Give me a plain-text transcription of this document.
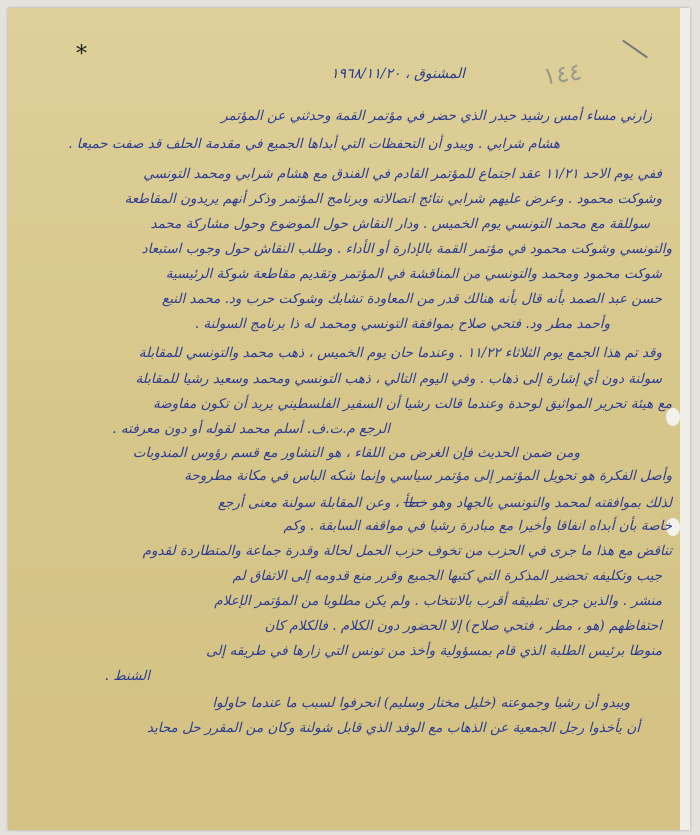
*
١٤٤
المشنوق ، ١٩٦٨/١١/٢٠
زارني مساء أمس رشيد حيدر الذي حضر في مؤتمر القمة وحدثني عن المؤتمر
هشام شرابي . ويبدو أن التحفظات التي أبداها الجميع في مقدمة الحلف قد صفت حميعا .
ففي يوم الاحد ١١/٢١ عقد اجتماع للمؤتمر القادم في الفندق مع هشام شرابي ومحمد التونسي
وشوكت محمود . وعرض عليهم شرابي نتائج اتصالاته وبرنامج المؤتمر وذكر أنهم يريدون المقاطعة
سوللقة مع محمد التونسي يوم الخميس . ودار النقاش حول الموضوع وحول مشاركة محمد
والتونسي وشوكت محمود في مؤتمر القمة بالإدارة أو الأداء . وطلب النقاش حول وجوب استبعاد
شوكت محمود ومحمد والتونسي من المناقشة في المؤتمر وتقديم مقاطعة شوكة الرئيسية
حسن عبد الصمد بأنه قال بأنه هنالك قدر من المعاودة تشابك وشوكت حرب ود. محمد النبع
وأحمد مطر ود. فتحي صلاح بموافقة التونسي ومحمد له ذا برنامج السولنة .
وقد تم هذا الجمع يوم الثلاثاء ١١/٢٢ . وعندما حان يوم الخميس ، ذهب محمد والتونسي للمقابلة
سولنة دون أي إشارة إلى ذهاب . وفي اليوم التالي ، ذهب التونسي ومحمد وسعيد رشيا للمقابلة
مع هيئة تحرير المواثيق لوحدة وعندما قالت رشيا أن السفير الفلسطيني يريد أن تكون مفاوضة
الرجع م.ت.ف. أسلم محمد لقوله أو دون معرفته .
ومن ضمن الحديث فإن الغرض من اللقاء ، هو التشاور مع قسم رؤوس المندوبات
وأصل الفكرة هو تحويل المؤتمر إلى مؤتمر سياسي وإنما شكه الباس في مكانة مطروحة
لذلك بموافقته لمحمد والتونسي بالجهاد وهو خطأ ، وعن المقابلة سولنة معنى أرجع
خاصة بأن أبداه انفاقا وأخيرا مع مبادرة رشيا في مواقفه السابقة . وكم
تناقض مع هذا ما جرى في الحزب من تخوف حزب الحمل لحالة وقدرة جماعة والمتطاردة لقدوم
جيب وتكليفه تحضير المذكرة التي كتبها الجميع وقرر منع قدومه إلى الاتفاق لم
منشر . والذين جرى تطبيقه أقرب بالانتخاب . ولم يكن مطلوبا من المؤتمر الإعلام
احتفاظهم (هو ، مطر ، فتحي صلاح) إلا الحضور دون الكلام . فالكلام كان
منوطا برئيس الطلبة الذي قام بمسؤولية وأخذ من تونس التي زارها في طريقه إلى
الشنط .
ويبدو أن رشيا وجموعته (خليل مختار وسليم) انحرفوا لسبب ما عندما حاولوا
أن يأخذوا رجل الجمعية عن الذهاب مع الوفد الذي قابل شولنة وكان من المقرر حل محايد
